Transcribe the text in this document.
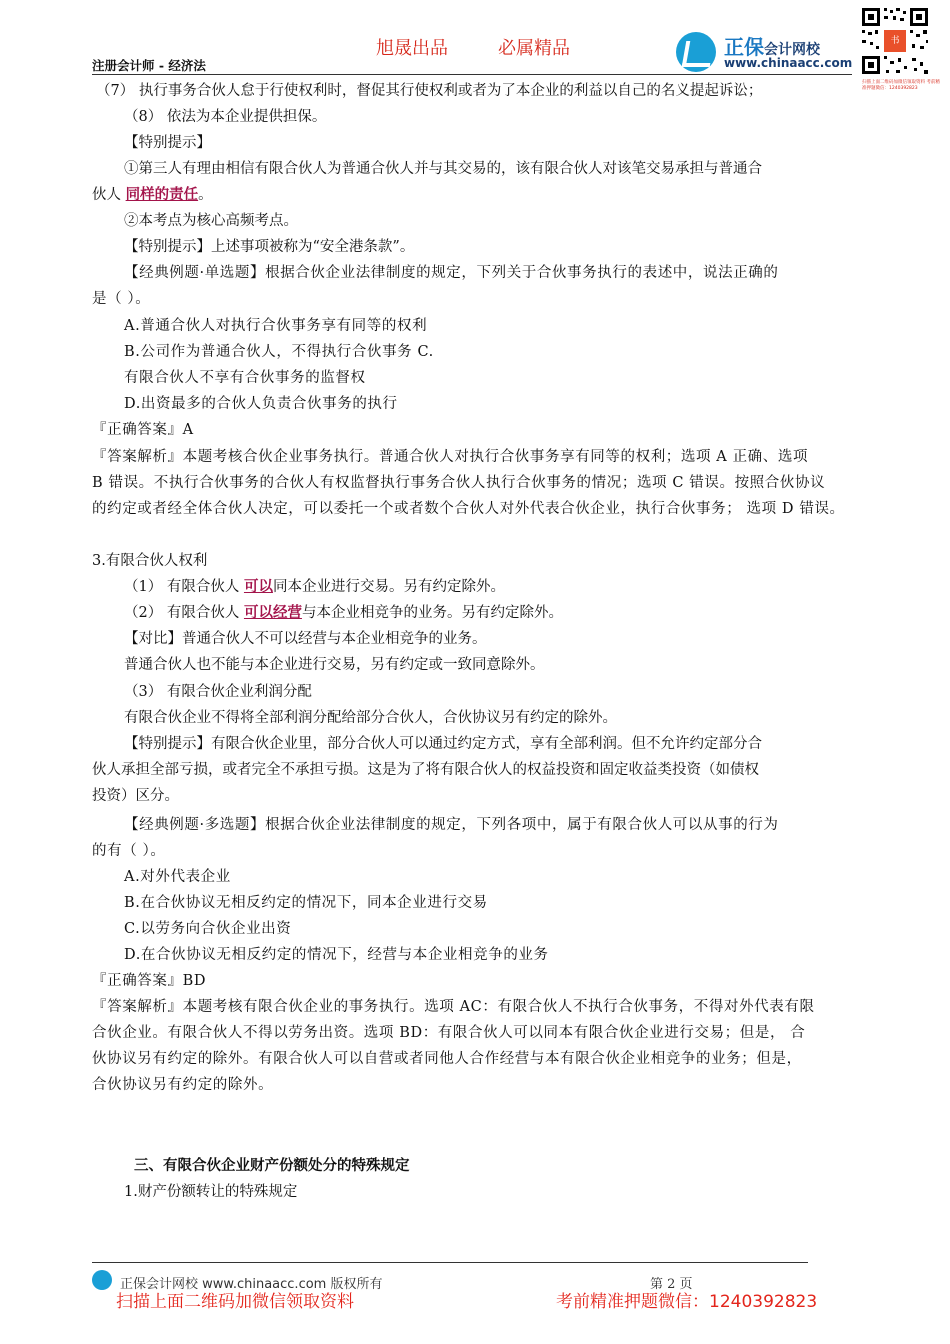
旭晟出品	必属精品
注册会计师 - 经济法
正保会计网校
www.chinaacc.com
书
扫描上面二维码加微信领取资料 考前精准押题微信：1240392823
（7） 执行事务合伙人怠于行使权利时，督促其行使权利或者为了本企业的利益以自己的名义提起诉讼；
（8） 依法为本企业提供担保。
【特别提示】
①第三人有理由相信有限合伙人为普通合伙人并与其交易的，该有限合伙人对该笔交易承担与普通合
伙人 同样的责任。
②本考点为核心高频考点。
【特别提示】上述事项被称为“安全港条款”。
【经典例题·单选题】根据合伙企业法律制度的规定，下列关于合伙事务执行的表述中，说法正确的
是（ ）。
A.普通合伙人对执行合伙事务享有同等的权利
B.公司作为普通合伙人，不得执行合伙事务 C.
有限合伙人不享有合伙事务的监督权
D.出资最多的合伙人负责合伙事务的执行
『正确答案』A
『答案解析』本题考核合伙企业事务执行。普通合伙人对执行合伙事务享有同等的权利；选项 A 正确、选项
B 错误。不执行合伙事务的合伙人有权监督执行事务合伙人执行合伙事务的情况；选项 C 错误。按照合伙协议
的约定或者经全体合伙人决定，可以委托一个或者数个合伙人对外代表合伙企业，执行合伙事务； 选项 D 错误。
3.有限合伙人权利
（1） 有限合伙人 可以同本企业进行交易。另有约定除外。
（2） 有限合伙人 可以经营与本企业相竞争的业务。另有约定除外。
【对比】普通合伙人不可以经营与本企业相竞争的业务。
普通合伙人也不能与本企业进行交易，另有约定或一致同意除外。
（3） 有限合伙企业利润分配
有限合伙企业不得将全部利润分配给部分合伙人，合伙协议另有约定的除外。
【特别提示】有限合伙企业里，部分合伙人可以通过约定方式，享有全部利润。但不允许约定部分合
伙人承担全部亏损，或者完全不承担亏损。这是为了将有限合伙人的权益投资和固定收益类投资（如债权
投资）区分。
【经典例题·多选题】根据合伙企业法律制度的规定，下列各项中，属于有限合伙人可以从事的行为
的有（ ）。
A.对外代表企业
B.在合伙协议无相反约定的情况下，同本企业进行交易
C.以劳务向合伙企业出资
D.在合伙协议无相反约定的情况下，经营与本企业相竞争的业务
『正确答案』BD
『答案解析』本题考核有限合伙企业的事务执行。选项 AC：有限合伙人不执行合伙事务，不得对外代表有限
合伙企业。有限合伙人不得以劳务出资。选项 BD：有限合伙人可以同本有限合伙企业进行交易；但是， 合
伙协议另有约定的除外。有限合伙人可以自营或者同他人合作经营与本有限合伙企业相竞争的业务；但是，
合伙协议另有约定的除外。
三、有限合伙企业财产份额处分的特殊规定
1.财产份额转让的特殊规定
正保会计网校 www.chinaacc.com 版权所有	第 2 页
扫描上面二维码加微信领取资料	考前精准押题微信：1240392823
